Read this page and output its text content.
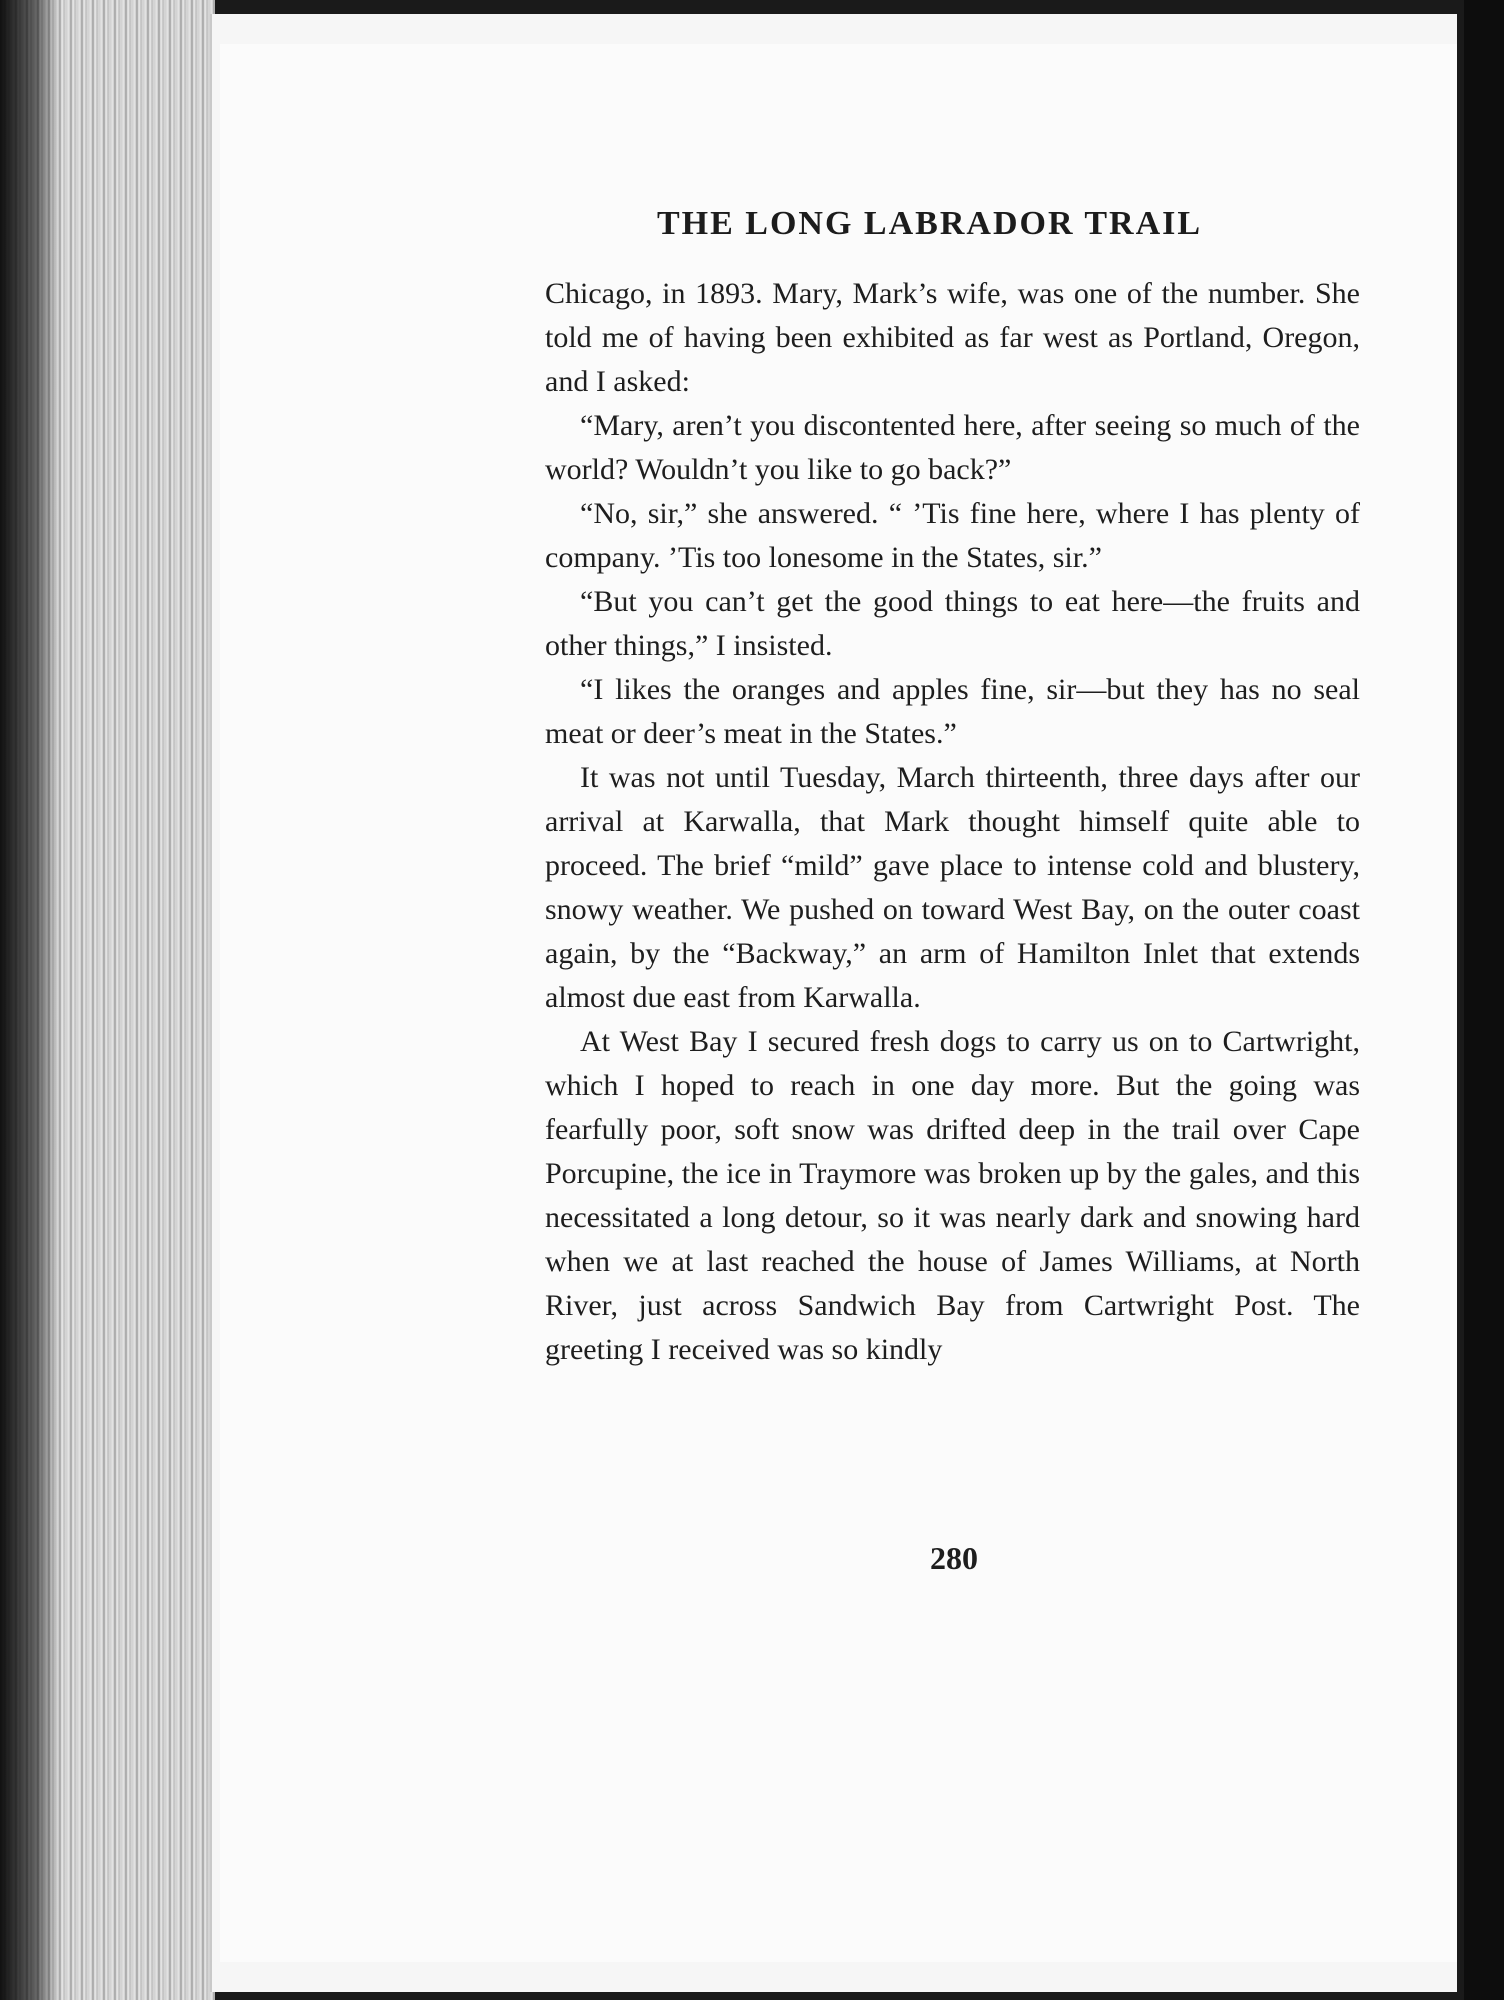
THE LONG LABRADOR TRAIL

Chicago, in 1893. Mary, Mark’s wife, was one of the number. She told me of having been exhibited as far west as Portland, Oregon, and I asked:

“Mary, aren’t you discontented here, after seeing so much of the world? Wouldn’t you like to go back?”

“No, sir,” she answered. “ ’Tis fine here, where I has plenty of company. ’Tis too lonesome in the States, sir.”

“But you can’t get the good things to eat here—the fruits and other things,” I insisted.

“I likes the oranges and apples fine, sir—but they has no seal meat or deer’s meat in the States.”

It was not until Tuesday, March thirteenth, three days after our arrival at Karwalla, that Mark thought himself quite able to proceed. The brief “mild” gave place to intense cold and blustery, snowy weather. We pushed on toward West Bay, on the outer coast again, by the “Backway,” an arm of Hamilton Inlet that extends almost due east from Karwalla.

At West Bay I secured fresh dogs to carry us on to Cartwright, which I hoped to reach in one day more. But the going was fearfully poor, soft snow was drifted deep in the trail over Cape Porcupine, the ice in Traymore was broken up by the gales, and this necessitated a long detour, so it was nearly dark and snowing hard when we at last reached the house of James Williams, at North River, just across Sandwich Bay from Cartwright Post. The greeting I received was so kindly

280
